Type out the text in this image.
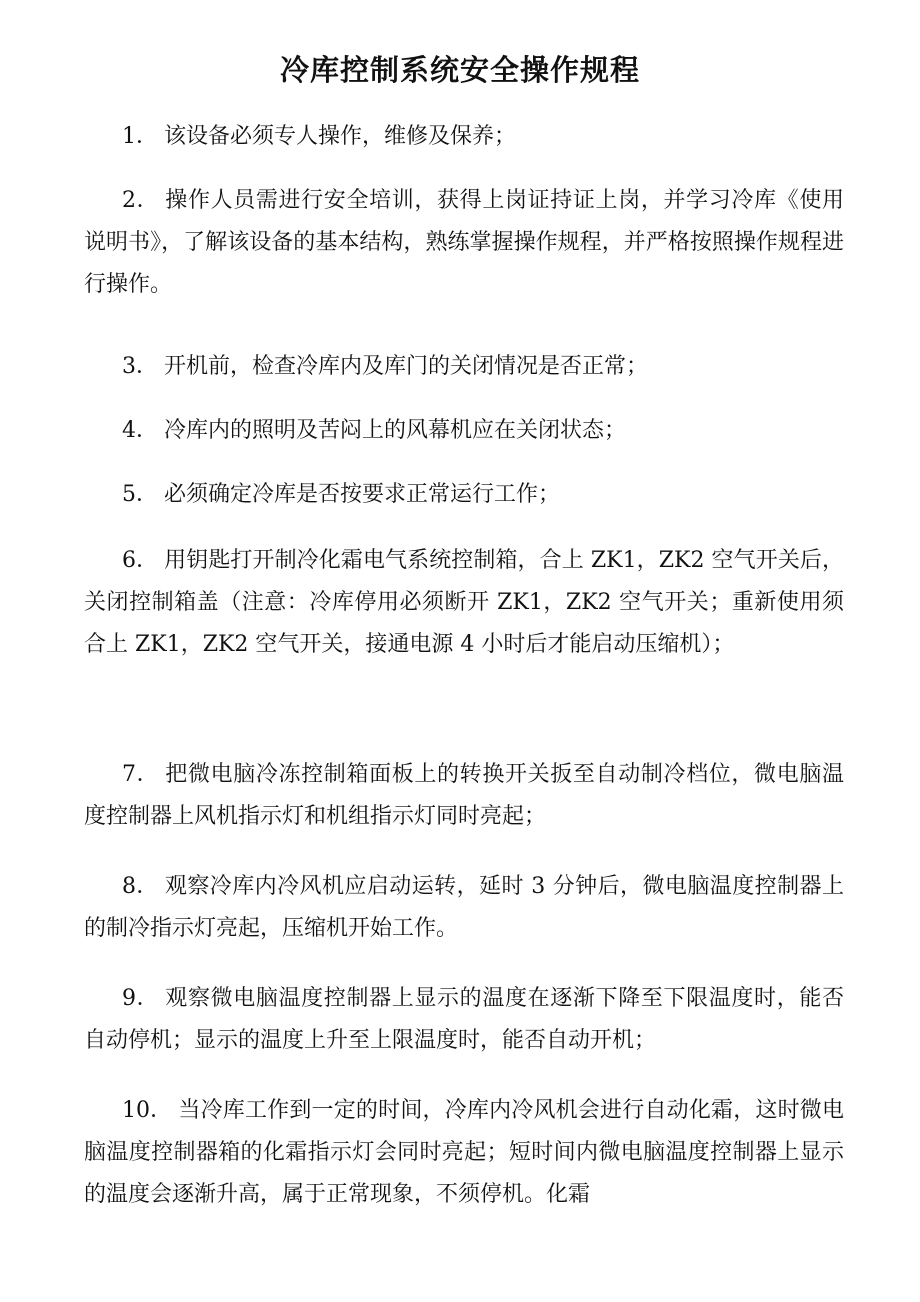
冷库控制系统安全操作规程

1． 该设备必须专人操作，维修及保养；

2． 操作人员需进行安全培训，获得上岗证持证上岗，并学习冷库《使用说明书》，了解该设备的基本结构，熟练掌握操作规程，并严格按照操作规程进行操作。

3． 开机前，检查冷库内及库门的关闭情况是否正常；

4． 冷库内的照明及苦闷上的风幕机应在关闭状态；

5． 必须确定冷库是否按要求正常运行工作；

6． 用钥匙打开制冷化霜电气系统控制箱，合上 ZK1，ZK2 空气开关后，关闭控制箱盖（注意：冷库停用必须断开 ZK1，ZK2 空气开关；重新使用须合上 ZK1，ZK2 空气开关，接通电源 4 小时后才能启动压缩机）；

7． 把微电脑冷冻控制箱面板上的转换开关扳至自动制冷档位，微电脑温度控制器上风机指示灯和机组指示灯同时亮起；

8． 观察冷库内冷风机应启动运转，延时 3 分钟后，微电脑温度控制器上的制冷指示灯亮起，压缩机开始工作。

9． 观察微电脑温度控制器上显示的温度在逐渐下降至下限温度时，能否自动停机；显示的温度上升至上限温度时，能否自动开机；

10． 当冷库工作到一定的时间，冷库内冷风机会进行自动化霜，这时微电脑温度控制器箱的化霜指示灯会同时亮起；短时间内微电脑温度控制器上显示的温度会逐渐升高，属于正常现象，不须停机。化霜
